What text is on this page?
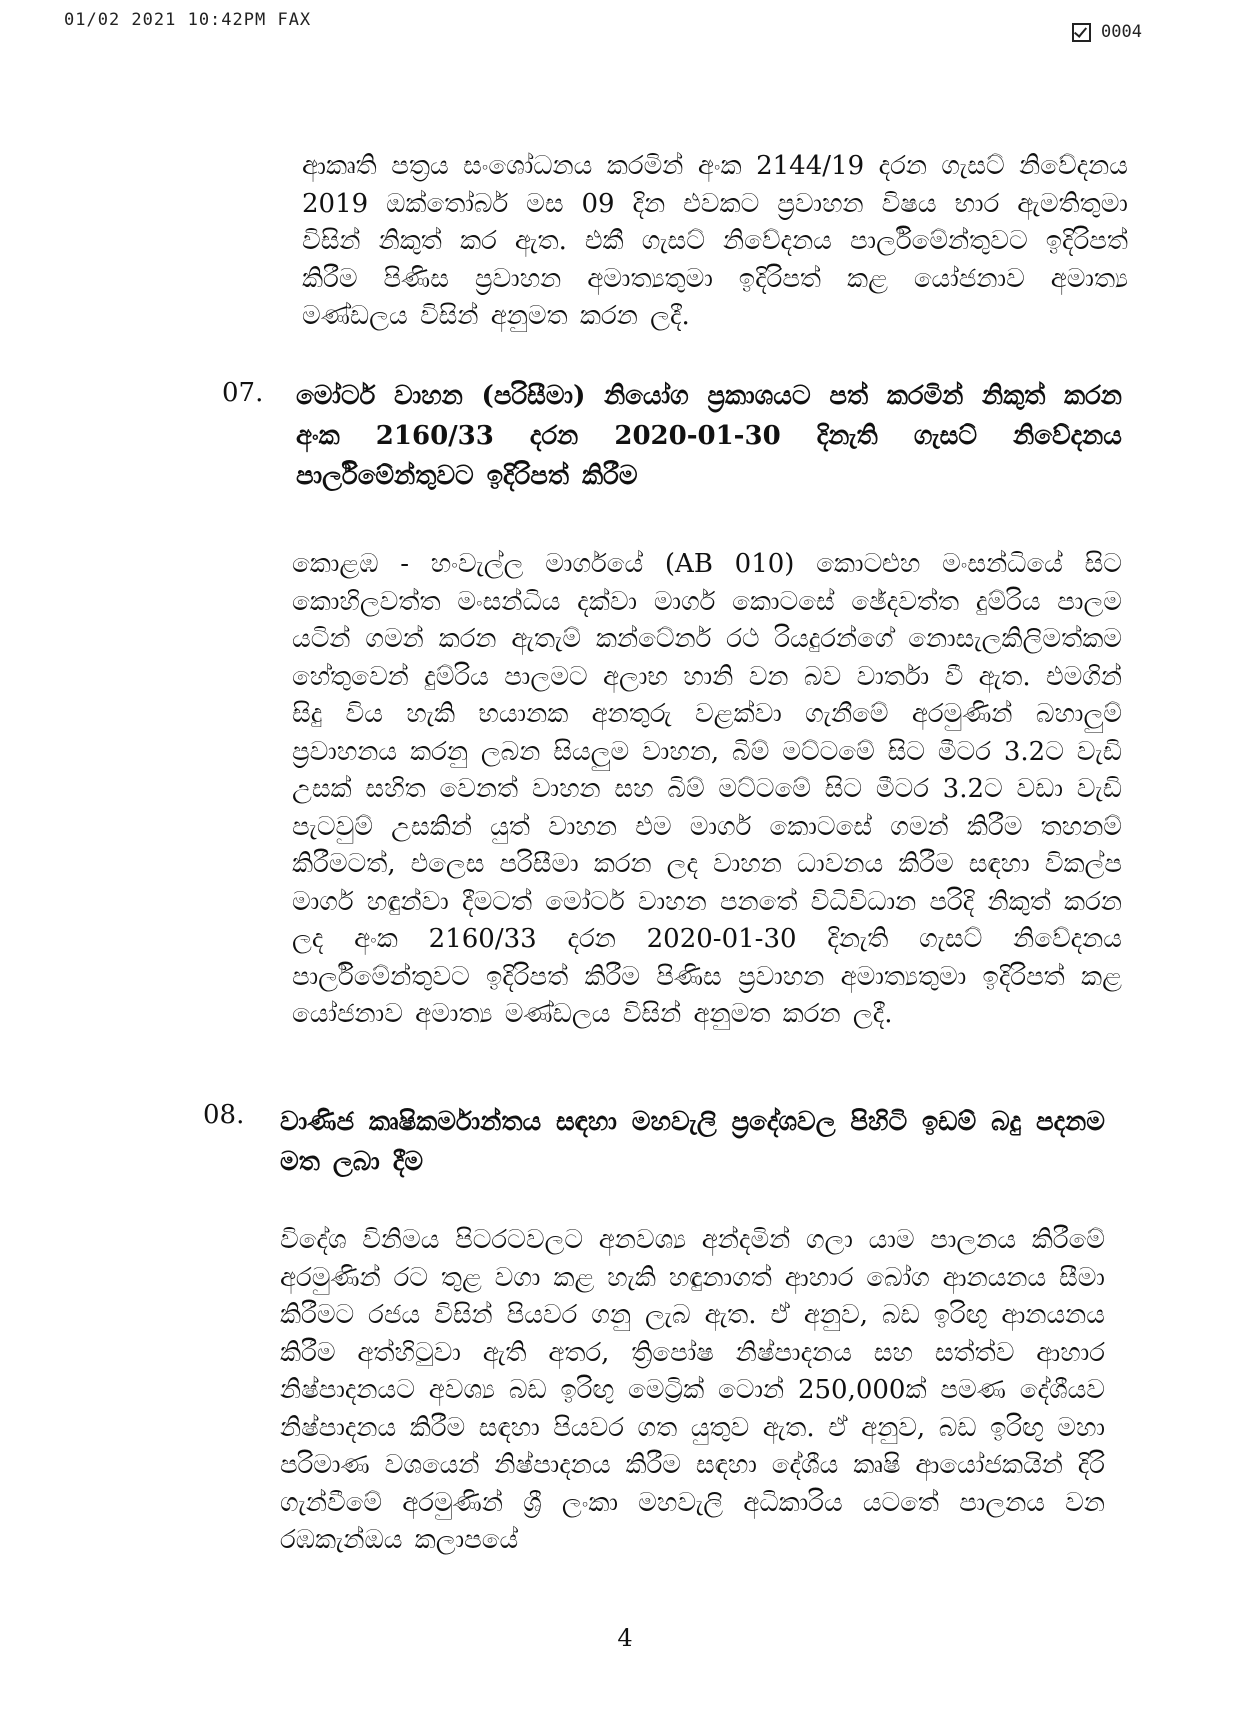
01/02 2021 10:42PM FAX
0004
ආකෘති පත්‍රය සංශෝධනය කරමින් අංක 2144/19 දරන ගැසට් නිවේදනය 2019 ඔක්තෝබර් මස 09 දින එවකට ප්‍රවාහන විෂය භාර ඇමතිතුමා විසින් නිකුත් කර ඇත. එකී ගැසට් නිවේදනය පාර්ලිමේන්තුවට ඉදිරිපත් කිරීම පිණිස ප්‍රවාහන අමාත්‍යතුමා ඉදිරිපත් කළ යෝජනාව අමාත්‍ය මණ්ඩලය විසින් අනුමත කරන ලදී.
07. මෝටර් වාහන (පරිසීමා) නියෝග ප්‍රකාශයට පත් කරමින් නිකුත් කරන අංක 2160/33 දරන 2020-01-30 දිනැති ගැසට් නිවේදනය පාර්ලිමේන්තුවට ඉදිරිපත් කිරීම
කොළඹ - හංවැල්ල මාර්ගයේ (AB 010) කොටළුහ මංසන්ධියේ සිට කොහිලවත්ත මංසන්ධිය දක්වා මාර්ග කොටසේ ඡේදවත්ත දුම්රිය පාලම යටින් ගමන් කරන ඇතැම් කන්ටේනර් රථ රියදුරන්ගේ නොසැලකිලිමත්කම හේතුවෙන් දුම්රිය පාලමට අලාභ හානි වන බව වාර්තා වී ඇත. එමගින් සිදු විය හැකි භයානක අනතුරු වළක්වා ගැනීමේ අරමුණින් බහාලුම් ප්‍රවාහනය කරනු ලබන සියලුම වාහන, බිම් මට්ටමේ සිට මීටර 3.2ට වැඩි උසක් සහිත වෙනත් වාහන සහ බිම් මට්ටමේ සිට මීටර 3.2ට වඩා වැඩි පැටවුම් උසකින් යුත් වාහන එම මාර්ග කොටසේ ගමන් කිරීම තහනම් කිරීමටත්, එලෙස පරිසීමා කරන ලද වාහන ධාවනය කිරීම සඳහා විකල්ප මාර්ග හඳුන්වා දීමටත් මෝටර් වාහන පනතේ විධිවිධාන පරිදි නිකුත් කරන ලද අංක 2160/33 දරන 2020-01-30 දිනැති ගැසට් නිවේදනය පාර්ලිමේන්තුවට ඉදිරිපත් කිරීම පිණිස ප්‍රවාහන අමාත්‍යතුමා ඉදිරිපත් කළ යෝජනාව අමාත්‍ය මණ්ඩලය විසින් අනුමත කරන ලදී.
08. වාණිජ කෘෂිකර්මාන්තය සඳහා මහවැලි ප්‍රදේශවල පිහිටි ඉඩම් බදු පදනම මත ලබා දීම
විදේශ විනිමය පිටරටවලට අනවශ්‍ය අන්දමින් ගලා යාම පාලනය කිරීමේ අරමුණින් රට තුළ වගා කළ හැකි හඳුනාගත් ආහාර බෝග ආනයනය සීමා කිරීමට රජය විසින් පියවර ගනු ලැබ ඇත. ඒ අනුව, බඩ ඉරිඟු ආනයනය කිරීම අත්හිටුවා ඇති අතර, ත්‍රිපෝෂ නිෂ්පාදනය සහ සත්ත්ව ආහාර නිෂ්පාදනයට අවශ්‍ය බඩ ඉරිඟු මෙට්‍රික් ටොන් 250,000ක් පමණ දේශීයව නිෂ්පාදනය කිරීම සඳහා පියවර ගත යුතුව ඇත. ඒ අනුව, බඩ ඉරිඟු මහා පරිමාණ වශයෙන් නිෂ්පාදනය කිරීම සඳහා දේශීය කෘෂි ආයෝජකයින් දිරි ගැන්වීමේ අරමුණින් ශ්‍රී ලංකා මහවැලි අධිකාරිය යටතේ පාලනය වන රඹකැන්ඔය කලාපයේ
4
